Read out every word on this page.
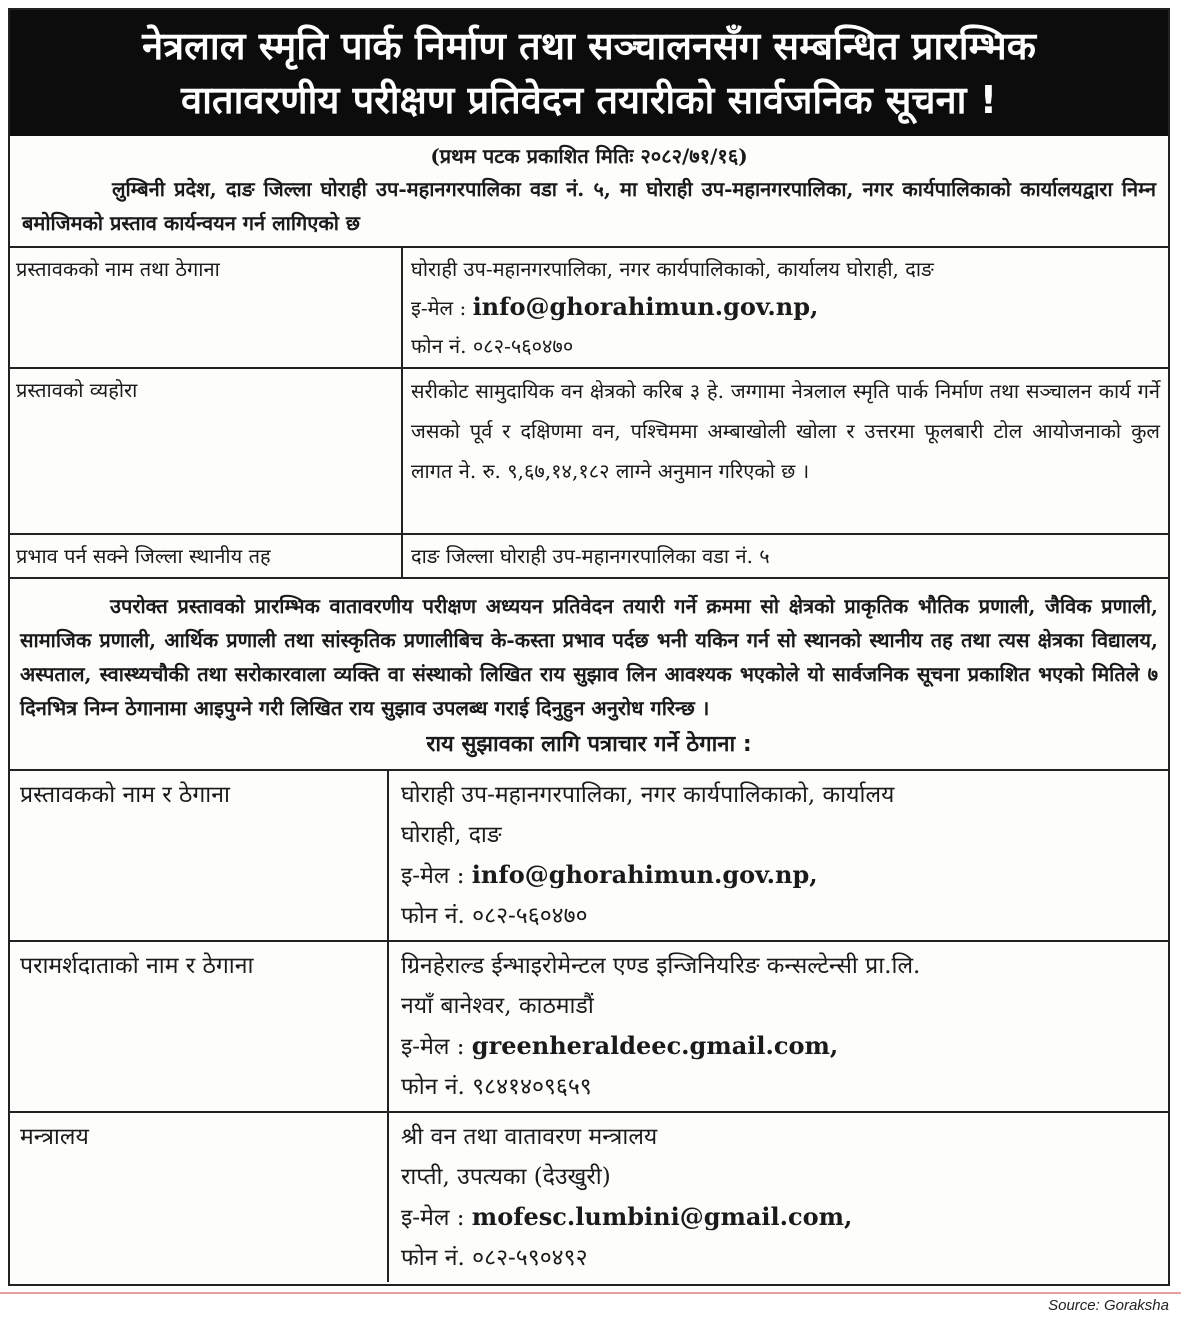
नेत्रलाल स्मृति पार्क निर्माण तथा सञ्चालनसँग सम्बन्धित प्रारम्भिक
वातावरणीय परीक्षण प्रतिवेदन तयारीको सार्वजनिक सूचना !
(प्रथम पटक प्रकाशित मितिः २०८२/७१/१६)
लुम्बिनी प्रदेश, दाङ जिल्ला घोराही उप-महानगरपालिका वडा नं. ५, मा घोराही उप-महानगरपालिका, नगर कार्यपालिकाको कार्यालयद्वारा निम्न बमोजिमको प्रस्ताव कार्यन्वयन गर्न लागिएको छ
प्रस्तावकको नाम तथा ठेगाना	घोराही उप-महानगरपालिका, नगर कार्यपालिकाको, कार्यालय घोराही, दाङ
इ-मेल : info@ghorahimun.gov.np,
फोन नं. ०८२-५६०४७०

प्रस्तावको व्यहोरा	सरीकोट सामुदायिक वन क्षेत्रको करिब ३ हे. जग्गामा नेत्रलाल स्मृति पार्क निर्माण तथा सञ्चालन कार्य गर्ने जसको पूर्व र दक्षिणमा वन, पश्चिममा अम्बाखोली खोला र उत्तरमा फूलबारी टोल आयोजनाको कुल लागत ने. रु. ९,६७,१४,१८२ लाग्ने अनुमान गरिएको छ ।
प्रभाव पर्न सक्ने जिल्ला स्थानीय तह	दाङ जिल्ला घोराही उप-महानगरपालिका वडा नं. ५
उपरोक्त प्रस्तावको प्रारम्भिक वातावरणीय परीक्षण अध्ययन प्रतिवेदन तयारी गर्ने क्रममा सो क्षेत्रको प्राकृतिक भौतिक प्रणाली, जैविक प्रणाली, सामाजिक प्रणाली, आर्थिक प्रणाली तथा सांस्कृतिक प्रणालीबिच के-कस्ता प्रभाव पर्दछ भनी यकिन गर्न सो स्थानको स्थानीय तह तथा त्यस क्षेत्रका विद्यालय, अस्पताल, स्वास्थ्यचौकी तथा सरोकारवाला व्यक्ति वा संस्थाको लिखित राय सुझाव लिन आवश्यक भएकोले यो सार्वजनिक सूचना प्रकाशित भएको मितिले ७ दिनभित्र निम्न ठेगानामा आइपुग्ने गरी लिखित राय सुझाव उपलब्ध गराई दिनुहुन अनुरोध गरिन्छ ।
राय सुझावका लागि पत्राचार गर्ने ठेगाना :
प्रस्तावकको नाम र ठेगाना	घोराही उप-महानगरपालिका, नगर कार्यपालिकाको, कार्यालय
घोराही, दाङ
इ-मेल : info@ghorahimun.gov.np,
फोन नं. ०८२-५६०४७०

परामर्शदाताको नाम र ठेगाना	ग्रिनहेराल्ड ईन्भाइरोमेन्टल एण्ड इन्जिनियरिङ कन्सल्टेन्सी प्रा.लि.
नयाँ बानेश्वर, काठमाडौं
इ-मेल : greenheraldeec.gmail.com,
फोन नं. ९८४१४०९६५९

मन्त्रालय	श्री वन तथा वातावरण मन्त्रालय
राप्ती, उपत्यका (देउखुरी)
इ-मेल : mofesc.lumbini@gmail.com,
फोन नं. ०८२-५९०४९२
Source: Goraksha
